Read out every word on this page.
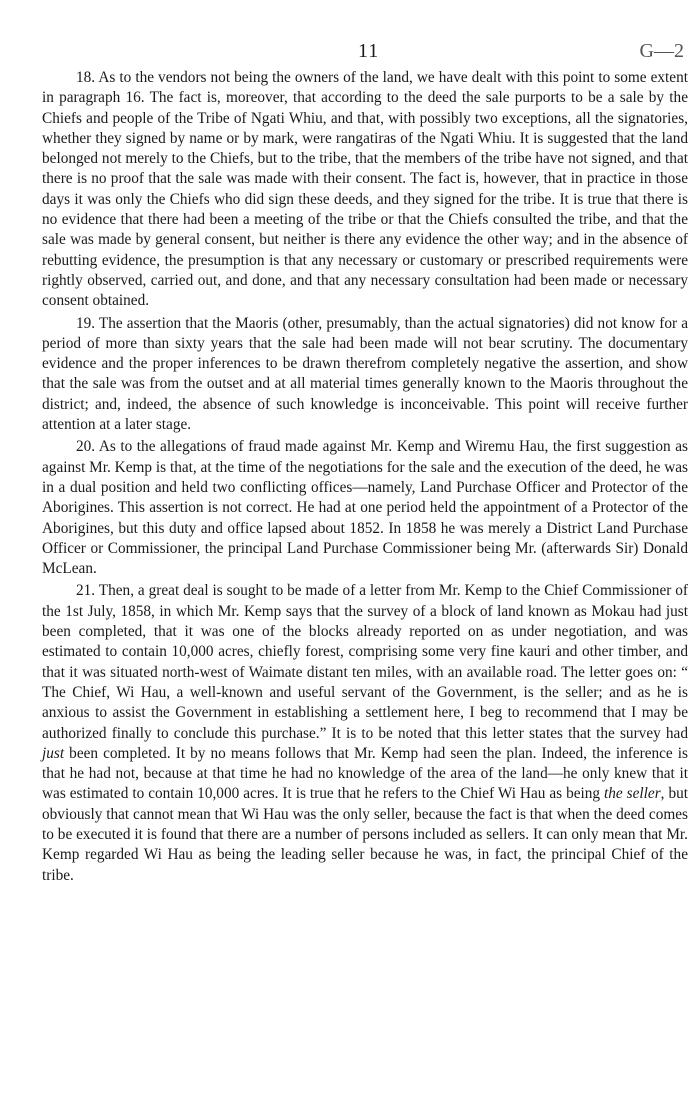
11	G—2

18. As to the vendors not being the owners of the land, we have dealt with this point to some extent in paragraph 16. The fact is, moreover, that according to the deed the sale purports to be a sale by the Chiefs and people of the Tribe of Ngati Whiu, and that, with possibly two exceptions, all the signatories, whether they signed by name or by mark, were rangatiras of the Ngati Whiu. It is suggested that the land belonged not merely to the Chiefs, but to the tribe, that the members of the tribe have not signed, and that there is no proof that the sale was made with their consent. The fact is, however, that in practice in those days it was only the Chiefs who did sign these deeds, and they signed for the tribe. It is true that there is no evidence that there had been a meeting of the tribe or that the Chiefs consulted the tribe, and that the sale was made by general consent, but neither is there any evidence the other way; and in the absence of rebutting evidence, the presumption is that any necessary or customary or prescribed requirements were rightly observed, carried out, and done, and that any necessary consultation had been made or necessary consent obtained.

19. The assertion that the Maoris (other, presumably, than the actual signatories) did not know for a period of more than sixty years that the sale had been made will not bear scrutiny. The documentary evidence and the proper inferences to be drawn therefrom completely negative the assertion, and show that the sale was from the outset and at all material times generally known to the Maoris throughout the district; and, indeed, the absence of such knowledge is inconceivable. This point will receive further attention at a later stage.

20. As to the allegations of fraud made against Mr. Kemp and Wiremu Hau, the first suggestion as against Mr. Kemp is that, at the time of the negotiations for the sale and the execution of the deed, he was in a dual position and held two conflicting offices—namely, Land Purchase Officer and Protector of the Aborigines. This assertion is not correct. He had at one period held the appointment of a Protector of the Aborigines, but this duty and office lapsed about 1852. In 1858 he was merely a District Land Purchase Officer or Commissioner, the principal Land Purchase Commissioner being Mr. (afterwards Sir) Donald McLean.

21. Then, a great deal is sought to be made of a letter from Mr. Kemp to the Chief Commissioner of the 1st July, 1858, in which Mr. Kemp says that the survey of a block of land known as Mokau had just been completed, that it was one of the blocks already reported on as under negotiation, and was estimated to contain 10,000 acres, chiefly forest, comprising some very fine kauri and other timber, and that it was situated north-west of Waimate distant ten miles, with an available road. The letter goes on: “ The Chief, Wi Hau, a well-known and useful servant of the Government, is the seller; and as he is anxious to assist the Government in establishing a settlement here, I beg to recommend that I may be authorized finally to conclude this purchase.” It is to be noted that this letter states that the survey had just been completed. It by no means follows that Mr. Kemp had seen the plan. Indeed, the inference is that he had not, because at that time he had no knowledge of the area of the land—he only knew that it was estimated to contain 10,000 acres. It is true that he refers to the Chief Wi Hau as being the seller, but obviously that cannot mean that Wi Hau was the only seller, because the fact is that when the deed comes to be executed it is found that there are a number of persons included as sellers. It can only mean that Mr. Kemp regarded Wi Hau as being the leading seller because he was, in fact, the principal Chief of the tribe.
